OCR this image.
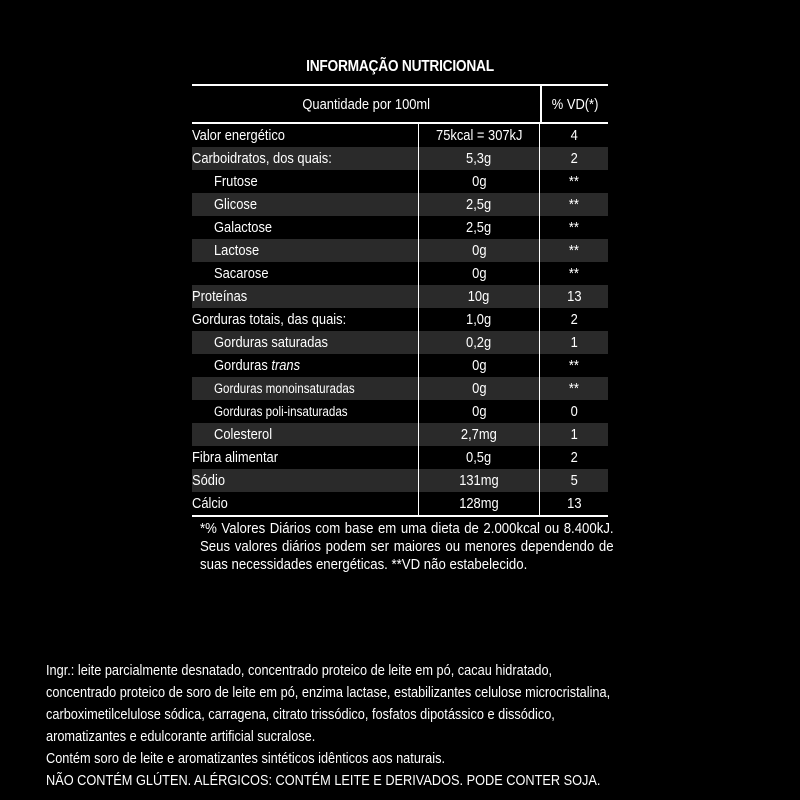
INFORMAÇÃO NUTRICIONAL
Quantidade por 100ml	% VD(*)
Valor energético	75kcal = 307kJ	4
Carboidratos, dos quais:	5,3g	2
Frutose	0g	**
Glicose	2,5g	**
Galactose	2,5g	**
Lactose	0g	**
Sacarose	0g	**
Proteínas	10g	13
Gorduras totais, das quais:	1,0g	2
Gorduras saturadas	0,2g	1
Gorduras trans	0g	**
Gorduras monoinsaturadas	0g	**
Gorduras poli-insaturadas	0g	0
Colesterol	2,7mg	1
Fibra alimentar	0,5g	2
Sódio	131mg	5
Cálcio	128mg	13
*% Valores Diários com base em uma dieta de 2.000kcal ou 8.400kJ. Seus valores diários podem ser maiores ou menores dependendo de suas necessidades energéticas. **VD não estabelecido.
Ingr.: leite parcialmente desnatado, concentrado proteico de leite em pó, cacau hidratado,
concentrado proteico de soro de leite em pó, enzima lactase, estabilizantes celulose microcristalina,
carboximetilcelulose sódica, carragena, citrato trissódico, fosfatos dipotássico e dissódico,
aromatizantes e edulcorante artificial sucralose.
Contém soro de leite e aromatizantes sintéticos idênticos aos naturais.
NÃO CONTÉM GLÚTEN. ALÉRGICOS: CONTÉM LEITE E DERIVADOS. PODE CONTER SOJA.
